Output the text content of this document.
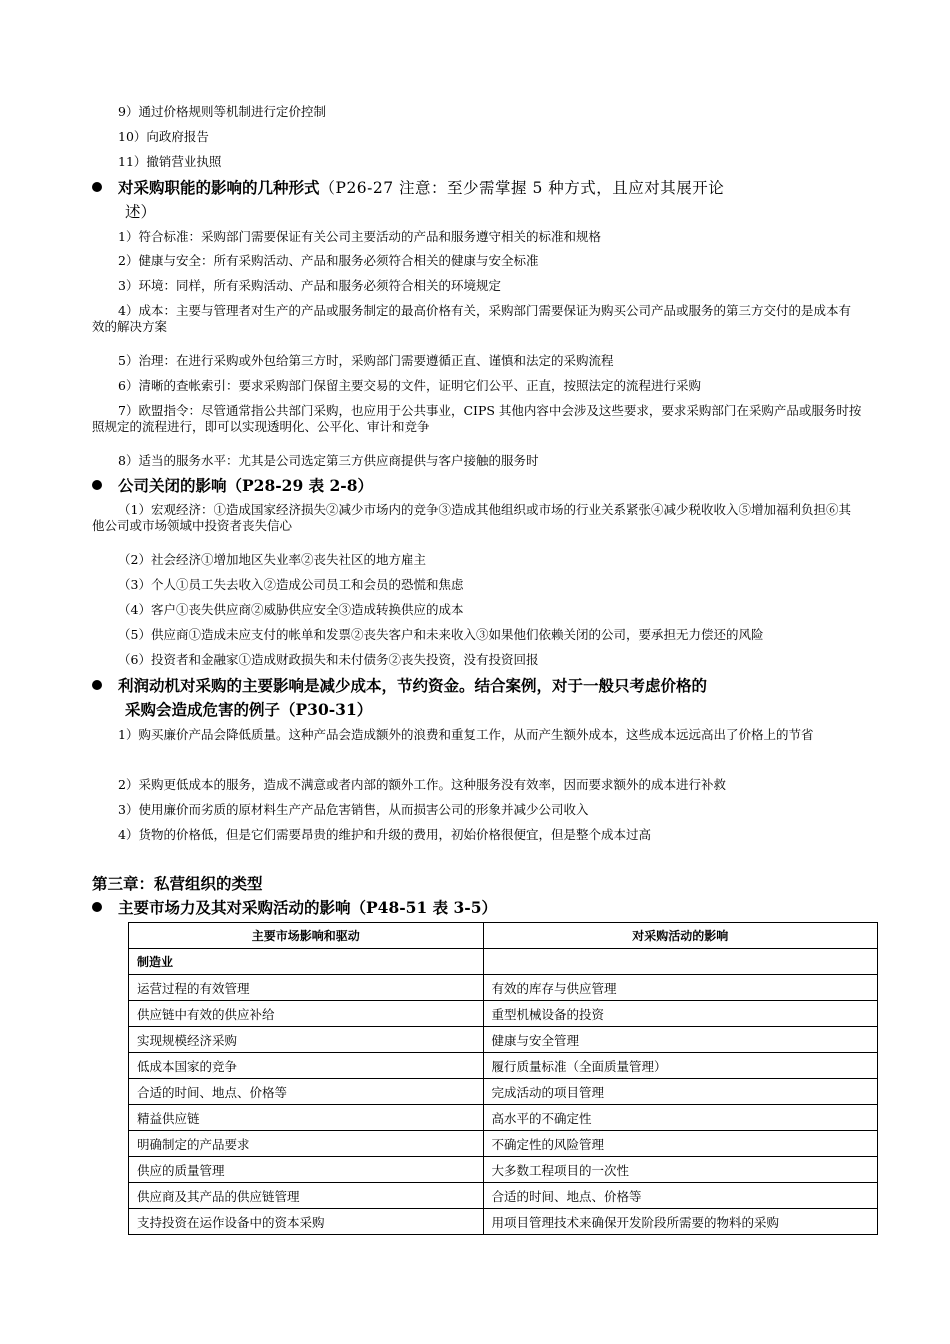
9）通过价格规则等机制进行定价控制
10）向政府报告
11）撤销营业执照
对采购职能的影响的几种形式（P26-27 注意：至少需掌握 5 种方式，且应对其展开论
述）
1）符合标准：采购部门需要保证有关公司主要活动的产品和服务遵守相关的标准和规格
2）健康与安全：所有采购活动、产品和服务必须符合相关的健康与安全标准
3）环境：同样，所有采购活动、产品和服务必须符合相关的环境规定
4）成本：主要与管理者对生产的产品或服务制定的最高价格有关，采购部门需要保证为购买公司产品或服务的第三方交付的是成本有效的解决方案
5）治理：在进行采购或外包给第三方时，采购部门需要遵循正直、谨慎和法定的采购流程
6）清晰的查帐索引：要求采购部门保留主要交易的文件，证明它们公平、正直，按照法定的流程进行采购
7）欧盟指令：尽管通常指公共部门采购，也应用于公共事业，CIPS 其他内容中会涉及这些要求，要求采购部门在采购产品或服务时按照规定的流程进行，即可以实现透明化、公平化、审计和竞争
8）适当的服务水平：尤其是公司选定第三方供应商提供与客户接触的服务时
公司关闭的影响（P28-29 表 2-8）
（1）宏观经济：①造成国家经济损失②减少市场内的竞争③造成其他组织或市场的行业关系紧张④减少税收收入⑤增加福利负担⑥其他公司或市场领域中投资者丧失信心
（2）社会经济①增加地区失业率②丧失社区的地方雇主
（3）个人①员工失去收入②造成公司员工和会员的恐慌和焦虑
（4）客户①丧失供应商②威胁供应安全③造成转换供应的成本
（5）供应商①造成未应支付的帐单和发票②丧失客户和未来收入③如果他们依赖关闭的公司，要承担无力偿还的风险
（6）投资者和金融家①造成财政损失和未付债务②丧失投资，没有投资回报
利润动机对采购的主要影响是减少成本，节约资金。结合案例，对于一般只考虑价格的
采购会造成危害的例子（P30-31）
1）购买廉价产品会降低质量。这种产品会造成额外的浪费和重复工作，从而产生额外成本，这些成本远远高出了价格上的节省
2）采购更低成本的服务，造成不满意或者内部的额外工作。这种服务没有效率，因而要求额外的成本进行补救
3）使用廉价而劣质的原材料生产产品危害销售，从而损害公司的形象并减少公司收入
4）货物的价格低，但是它们需要昂贵的维护和升级的费用，初始价格很便宜，但是整个成本过高
第三章：私营组织的类型
主要市场力及其对采购活动的影响（P48-51 表 3-5）
主要市场影响和驱动	对采购活动的影响
制造业	
运营过程的有效管理	有效的库存与供应管理
供应链中有效的供应补给	重型机械设备的投资
实现规模经济采购	健康与安全管理
低成本国家的竞争	履行质量标准（全面质量管理）
合适的时间、地点、价格等	完成活动的项目管理
精益供应链	高水平的不确定性
明确制定的产品要求	不确定性的风险管理
供应的质量管理	大多数工程项目的一次性
供应商及其产品的供应链管理	合适的时间、地点、价格等
支持投资在运作设备中的资本采购	用项目管理技术来确保开发阶段所需要的物料的采购
